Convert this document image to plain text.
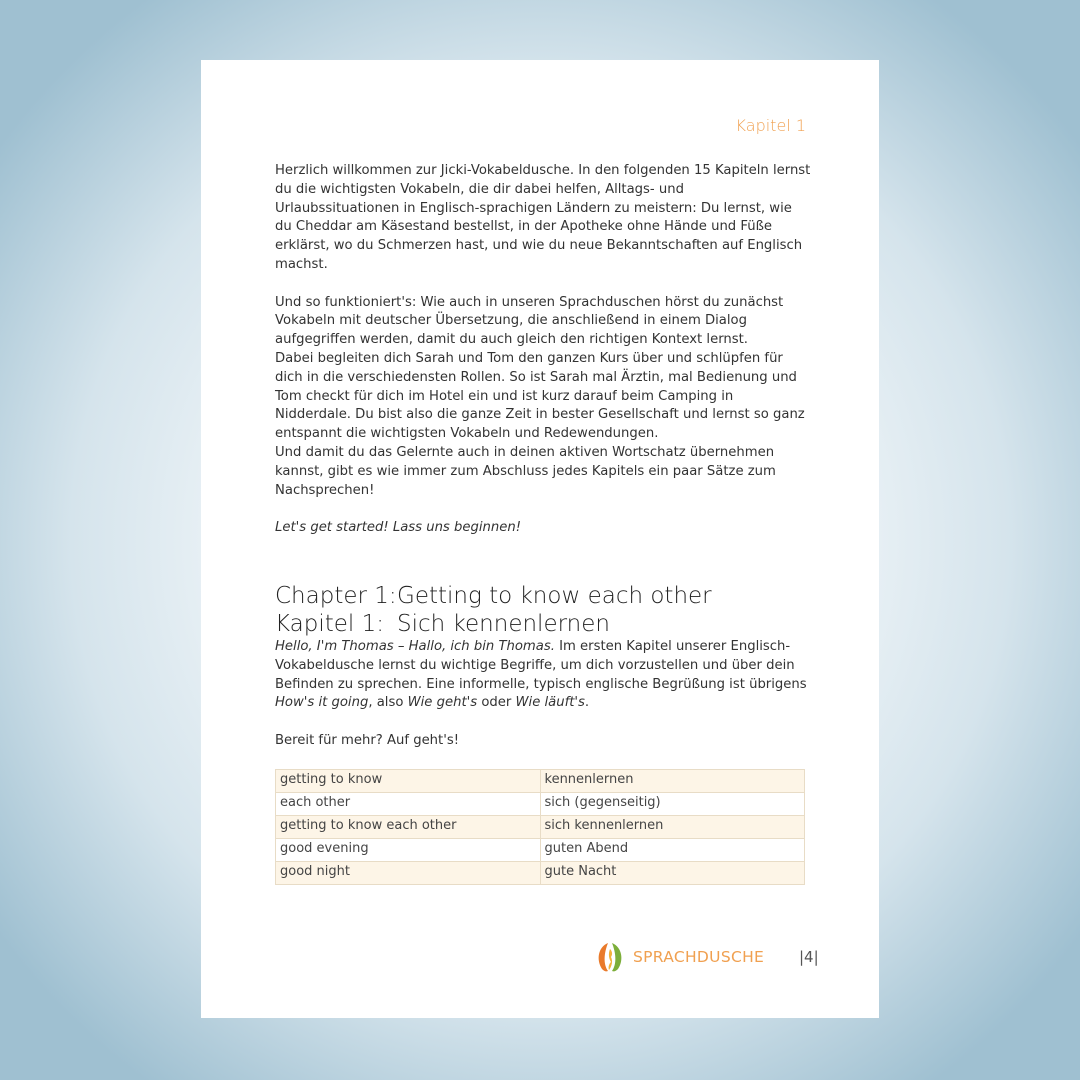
Kapitel 1

Herzlich willkommen zur Jicki-Vokabeldusche. In den folgenden 15 Kapiteln lernst du die wichtigsten Vokabeln, die dir dabei helfen, Alltags- und Urlaubssituationen in Englisch-sprachigen Ländern zu meistern: Du lernst, wie du Cheddar am Käsestand bestellst, in der Apotheke ohne Hände und Füße erklärst, wo du Schmerzen hast, und wie du neue Bekanntschaften auf Englisch machst.

Und so funktioniert's: Wie auch in unseren Sprachduschen hörst du zunächst Vokabeln mit deutscher Übersetzung, die anschließend in einem Dialog aufgegriffen werden, damit du auch gleich den richtigen Kontext lernst.

Dabei begleiten dich Sarah und Tom den ganzen Kurs über und schlüpfen für dich in die verschiedensten Rollen. So ist Sarah mal Ärztin, mal Bedienung und Tom checkt für dich im Hotel ein und ist kurz darauf beim Camping in Nidderdale. Du bist also die ganze Zeit in bester Gesellschaft und lernst so ganz entspannt die wichtigsten Vokabeln und Redewendungen.

Und damit du das Gelernte auch in deinen aktiven Wortschatz übernehmen kannst, gibt es wie immer zum Abschluss jedes Kapitels ein paar Sätze zum Nachsprechen!

Let's get started! Lass uns beginnen!

Chapter 1: Getting to know each other
Kapitel 1: Sich kennenlernen

Hello, I'm Thomas – Hallo, ich bin Thomas. Im ersten Kapitel unserer Englisch-Vokabeldusche lernst du wichtige Begriffe, um dich vorzustellen und über dein Befinden zu sprechen. Eine informelle, typisch englische Begrüßung ist übrigens How's it going, also Wie geht's oder Wie läuft's.

Bereit für mehr? Auf geht's!

getting to know	kennenlernen
each other	sich (gegenseitig)
getting to know each other	sich kennenlernen
good evening	guten Abend
good night	gute Nacht
SPRACHDUSCHE |4|
